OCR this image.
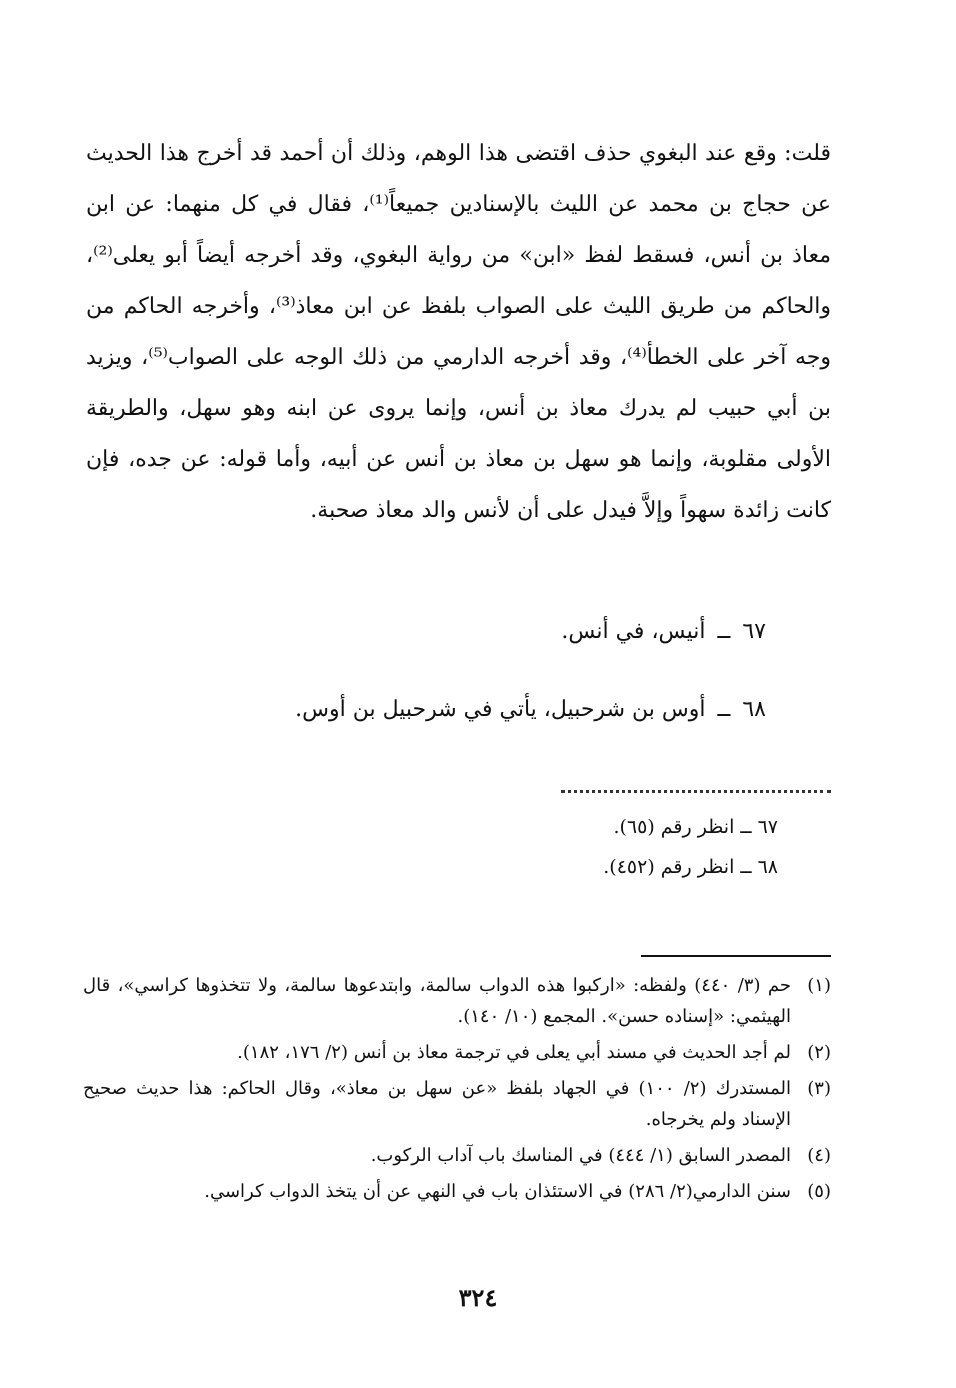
قلت: وقع عند البغوي حذف اقتضى هذا الوهم، وذلك أن أحمد قد أخرج هذا الحديث عن حجاج بن محمد عن الليث بالإسنادين جميعاً⁽¹⁾، فقال في كل منهما: عن ابن معاذ بن أنس، فسقط لفظ «ابن» من رواية البغوي، وقد أخرجه أيضاً أبو يعلى⁽²⁾، والحاكم من طريق الليث على الصواب بلفظ عن ابن معاذ⁽³⁾، وأخرجه الحاكم من وجه آخر على الخطأ⁽⁴⁾، وقد أخرجه الدارمي من ذلك الوجه على الصواب⁽⁵⁾، ويزيد بن أبي حبيب لم يدرك معاذ بن أنس، وإنما يروى عن ابنه وهو سهل، والطريقة الأولى مقلوبة، وإنما هو سهل بن معاذ بن أنس عن أبيه، وأما قوله: عن جده، فإن كانت زائدة سهواً وإلاَّ فيدل على أن لأنس والد معاذ صحبة.

٦٧ــأنيس، في أنس.
٦٨ــأوس بن شرحبيل، يأتي في شرحبيل بن أوس.
٦٧ ــ انظر رقم (٦٥).
٦٨ ــ انظر رقم (٤٥٢).
(١)
حم (٣/ ٤٤٠) ولفظه: «اركبوا هذه الدواب سالمة، وابتدعوها سالمة، ولا تتخذوها كراسي»، قال الهيثمي: «إسناده حسن». المجمع (١٠/ ١٤٠).
(٢)
لم أجد الحديث في مسند أبي يعلى في ترجمة معاذ بن أنس (٢/ ١٧٦، ١٨٢).
(٣)
المستدرك (٢/ ١٠٠) في الجهاد بلفظ «عن سهل بن معاذ»، وقال الحاكم: هذا حديث صحيح الإسناد ولم يخرجاه.
(٤)
المصدر السابق (١/ ٤٤٤) في المناسك باب آداب الركوب.
(٥)
سنن الدارمي(٢/ ٢٨٦) في الاستئذان باب في النهي عن أن يتخذ الدواب كراسي.
٣٢٤
